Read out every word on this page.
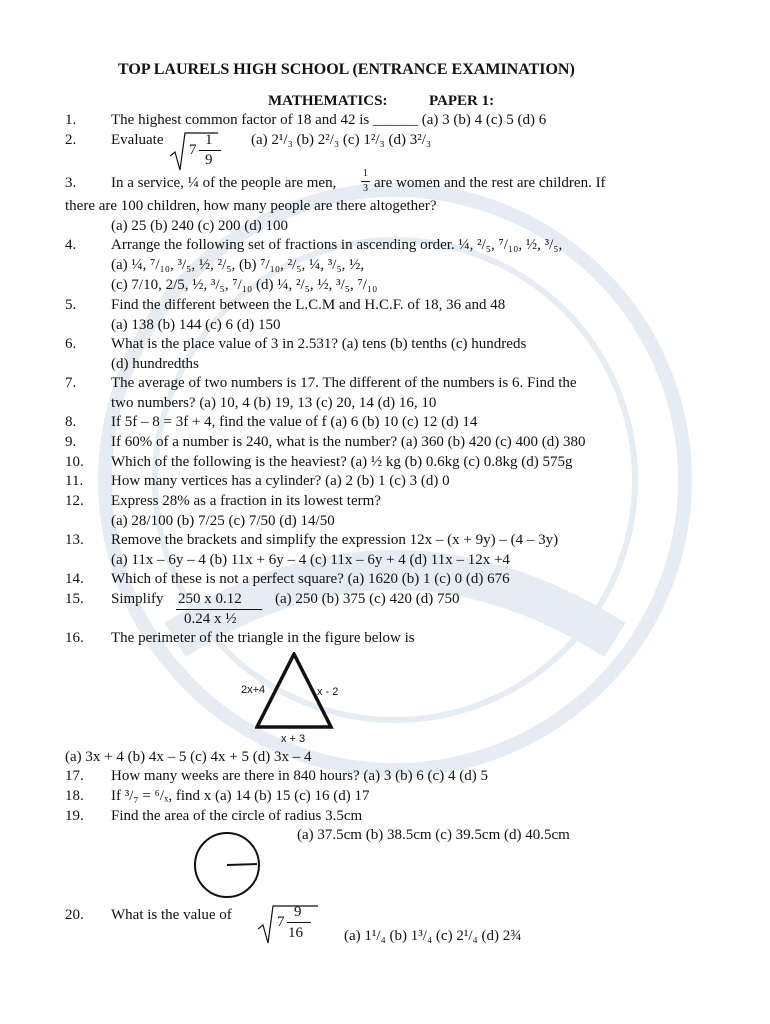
TOP LAURELS HIGH SCHOOL (ENTRANCE EXAMINATION)
MATHEMATICS:	PAPER 1:
1. The highest common factor of 18 and 42 is ______ (a) 3 (b) 4 (c) 5 (d) 6
2. Evaluate
7
1
9
(a) 2¹/₃ (b) 2²/₃ (c) 1²/₃ (d) 3²/₃
3. In a service, ¼ of the people are men,
1
3 are women and the rest are children. If
there are 100 children, how many people are there altogether?
(a) 25 (b) 240 (c) 200 (d) 100
4. Arrange the following set of fractions in ascending order. ¼, ²/₅, ⁷/₁₀, ½, ³/₅,
(a) ¼, ⁷/₁₀, ³/₅, ½, ²/₅, (b) ⁷/₁₀, ²/₅, ¼, ³/₅, ½,
(c) 7/10, 2/5, ½, ³/₅, ⁷/₁₀ (d) ¼, ²/₅, ½, ³/₅, ⁷/₁₀
5. Find the different between the L.C.M and H.C.F. of 18, 36 and 48
(a) 138 (b) 144 (c) 6 (d) 150
6. What is the place value of 3 in 2.531? (a) tens (b) tenths (c) hundreds
(d) hundredths
7. The average of two numbers is 17. The different of the numbers is 6. Find the
two numbers? (a) 10, 4 (b) 19, 13 (c) 20, 14 (d) 16, 10
8. If 5f – 8 = 3f + 4, find the value of f (a) 6 (b) 10 (c) 12 (d) 14
9. If 60% of a number is 240, what is the number? (a) 360 (b) 420 (c) 400 (d) 380
10. Which of the following is the heaviest? (a) ½ kg (b) 0.6kg (c) 0.8kg (d) 575g
11. How many vertices has a cylinder? (a) 2 (b) 1 (c) 3 (d) 0
12. Express 28% as a fraction in its lowest term?
(a) 28/100 (b) 7/25 (c) 7/50 (d) 14/50
13. Remove the brackets and simplify the expression 12x – (x + 9y) – (4 – 3y)
(a) 11x – 6y – 4 (b) 11x + 6y – 4 (c) 11x – 6y + 4 (d) 11x – 12x +4
14. Which of these is not a perfect square? (a) 1620 (b) 1 (c) 0 (d) 676
15. Simplify 250 x 0.12
0.24 x ½
(a) 250 (b) 375 (c) 420 (d) 750
16. The perimeter of the triangle in the figure below is
2x+4	x - 2
x + 3
(a) 3x + 4 (b) 4x – 5 (c) 4x + 5 (d) 3x – 4
17. How many weeks are there in 840 hours? (a) 3 (b) 6 (c) 4 (d) 5
18. If ³/₇ = ⁶/ₓ, find x (a) 14 (b) 15 (c) 16 (d) 17
19. Find the area of the circle of radius 3.5cm
(a) 37.5cm (b) 38.5cm (c) 39.5cm (d) 40.5cm
20. What is the value of	7
9
16	(a) 1¹/₄ (b) 1³/₄ (c) 2¹/₄ (d) 2¾
